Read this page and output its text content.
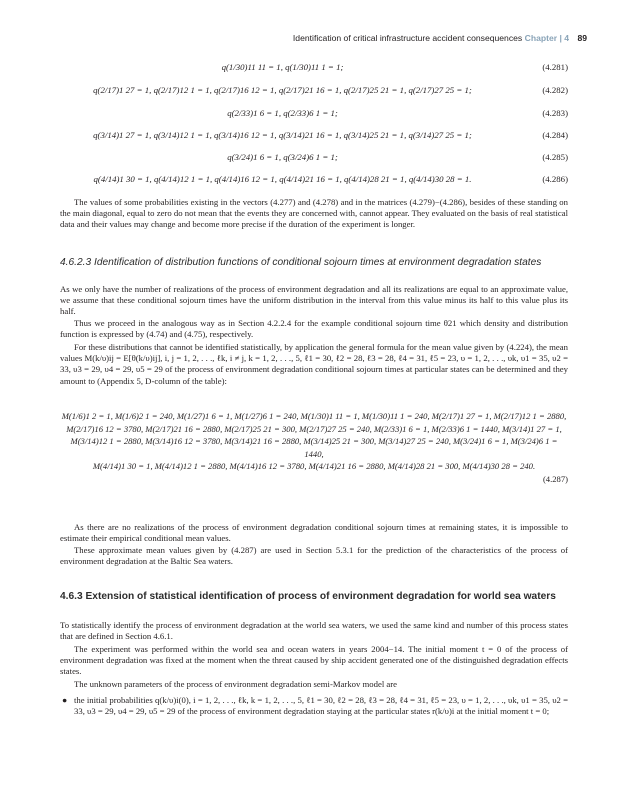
Identification of critical infrastructure accident consequences Chapter | 4 89
q(1/30)11 11 = 1, q(1/30)11 1 = 1;	(4.281)
q(2/17)1 27 = 1, q(2/17)12 1 = 1, q(2/17)16 12 = 1, q(2/17)21 16 = 1, q(2/17)25 21 = 1, q(2/17)27 25 = 1;	(4.282)
q(2/33)1 6 = 1, q(2/33)6 1 = 1;	(4.283)
q(3/14)1 27 = 1, q(3/14)12 1 = 1, q(3/14)16 12 = 1, q(3/14)21 16 = 1, q(3/14)25 21 = 1, q(3/14)27 25 = 1;	(4.284)
q(3/24)1 6 = 1, q(3/24)6 1 = 1;	(4.285)
q(4/14)1 30 = 1, q(4/14)12 1 = 1, q(4/14)16 12 = 1, q(4/14)21 16 = 1, q(4/14)28 21 = 1, q(4/14)30 28 = 1.	(4.286)
The values of some probabilities existing in the vectors (4.277) and (4.278) and in the matrices (4.279)−(4.286), besides of these standing on the main diagonal, equal to zero do not mean that the events they are concerned with, cannot appear. They evaluated on the basis of real statistical data and their values may change and become more precise if the duration of the experiment is longer.
4.6.2.3 Identification of distribution functions of conditional sojourn times at environment degradation states
As we only have the number of realizations of the process of environment degradation and all its realizations are equal to an approximate value, we assume that these conditional sojourn times have the uniform distribution in the interval from this value minus its half to this value plus its half.
Thus we proceed in the analogous way as in Section 4.2.2.4 for the example conditional sojourn time θ21 which density and distribution function is expressed by (4.74) and (4.75), respectively.
For these distributions that cannot be identified statistically, by application the general formula for the mean value given by (4.224), the mean values M(k/υ)ij = E[θ(k/υ)ij], i, j = 1, 2, . . ., ℓk, i ≠ j, k = 1, 2, . . ., 5, ℓ1 = 30, ℓ2 = 28, ℓ3 = 28, ℓ4 = 31, ℓ5 = 23, υ = 1, 2, . . ., υk, υ1 = 35, υ2 = 33, υ3 = 29, υ4 = 29, υ5 = 29 of the process of environment degradation conditional sojourn times at particular states can be determined and they amount to (Appendix 5, D-column of the table):
M(1/6)1 2 = 1, M(1/6)2 1 = 240, M(1/27)1 6 = 1, M(1/27)6 1 = 240, M(1/30)1 11 = 1, M(1/30)11 1 = 240, M(2/17)1 27 = 1, M(2/17)12 1 = 2880,
M(2/17)16 12 = 3780, M(2/17)21 16 = 2880, M(2/17)25 21 = 300, M(2/17)27 25 = 240, M(2/33)1 6 = 1, M(2/33)6 1 = 1440, M(3/14)1 27 = 1,
M(3/14)12 1 = 2880, M(3/14)16 12 = 3780, M(3/14)21 16 = 2880, M(3/14)25 21 = 300, M(3/14)27 25 = 240, M(3/24)1 6 = 1, M(3/24)6 1 = 1440,
M(4/14)1 30 = 1, M(4/14)12 1 = 2880, M(4/14)16 12 = 3780, M(4/14)21 16 = 2880, M(4/14)28 21 = 300, M(4/14)30 28 = 240.
(4.287)
As there are no realizations of the process of environment degradation conditional sojourn times at remaining states, it is impossible to estimate their empirical conditional mean values.
These approximate mean values given by (4.287) are used in Section 5.3.1 for the prediction of the characteristics of the process of environment degradation at the Baltic Sea waters.
4.6.3 Extension of statistical identification of process of environment degradation for world sea waters
To statistically identify the process of environment degradation at the world sea waters, we used the same kind and number of this process states that are defined in Section 4.6.1.
The experiment was performed within the world sea and ocean waters in years 2004−14. The initial moment t = 0 of the process of environment degradation was fixed at the moment when the threat caused by ship accident generated one of the distinguished degradation effects states.
The unknown parameters of the process of environment degradation semi-Markov model are
● the initial probabilities q(k/υ)i(0), i = 1, 2, . . ., ℓk, k = 1, 2, . . ., 5, ℓ1 = 30, ℓ2 = 28, ℓ3 = 28, ℓ4 = 31, ℓ5 = 23, υ = 1, 2, . . ., υk, υ1 = 35, υ2 = 33, υ3 = 29, υ4 = 29, υ5 = 29 of the process of environment degradation staying at the particular states r(k/υ)i at the initial moment t = 0;
